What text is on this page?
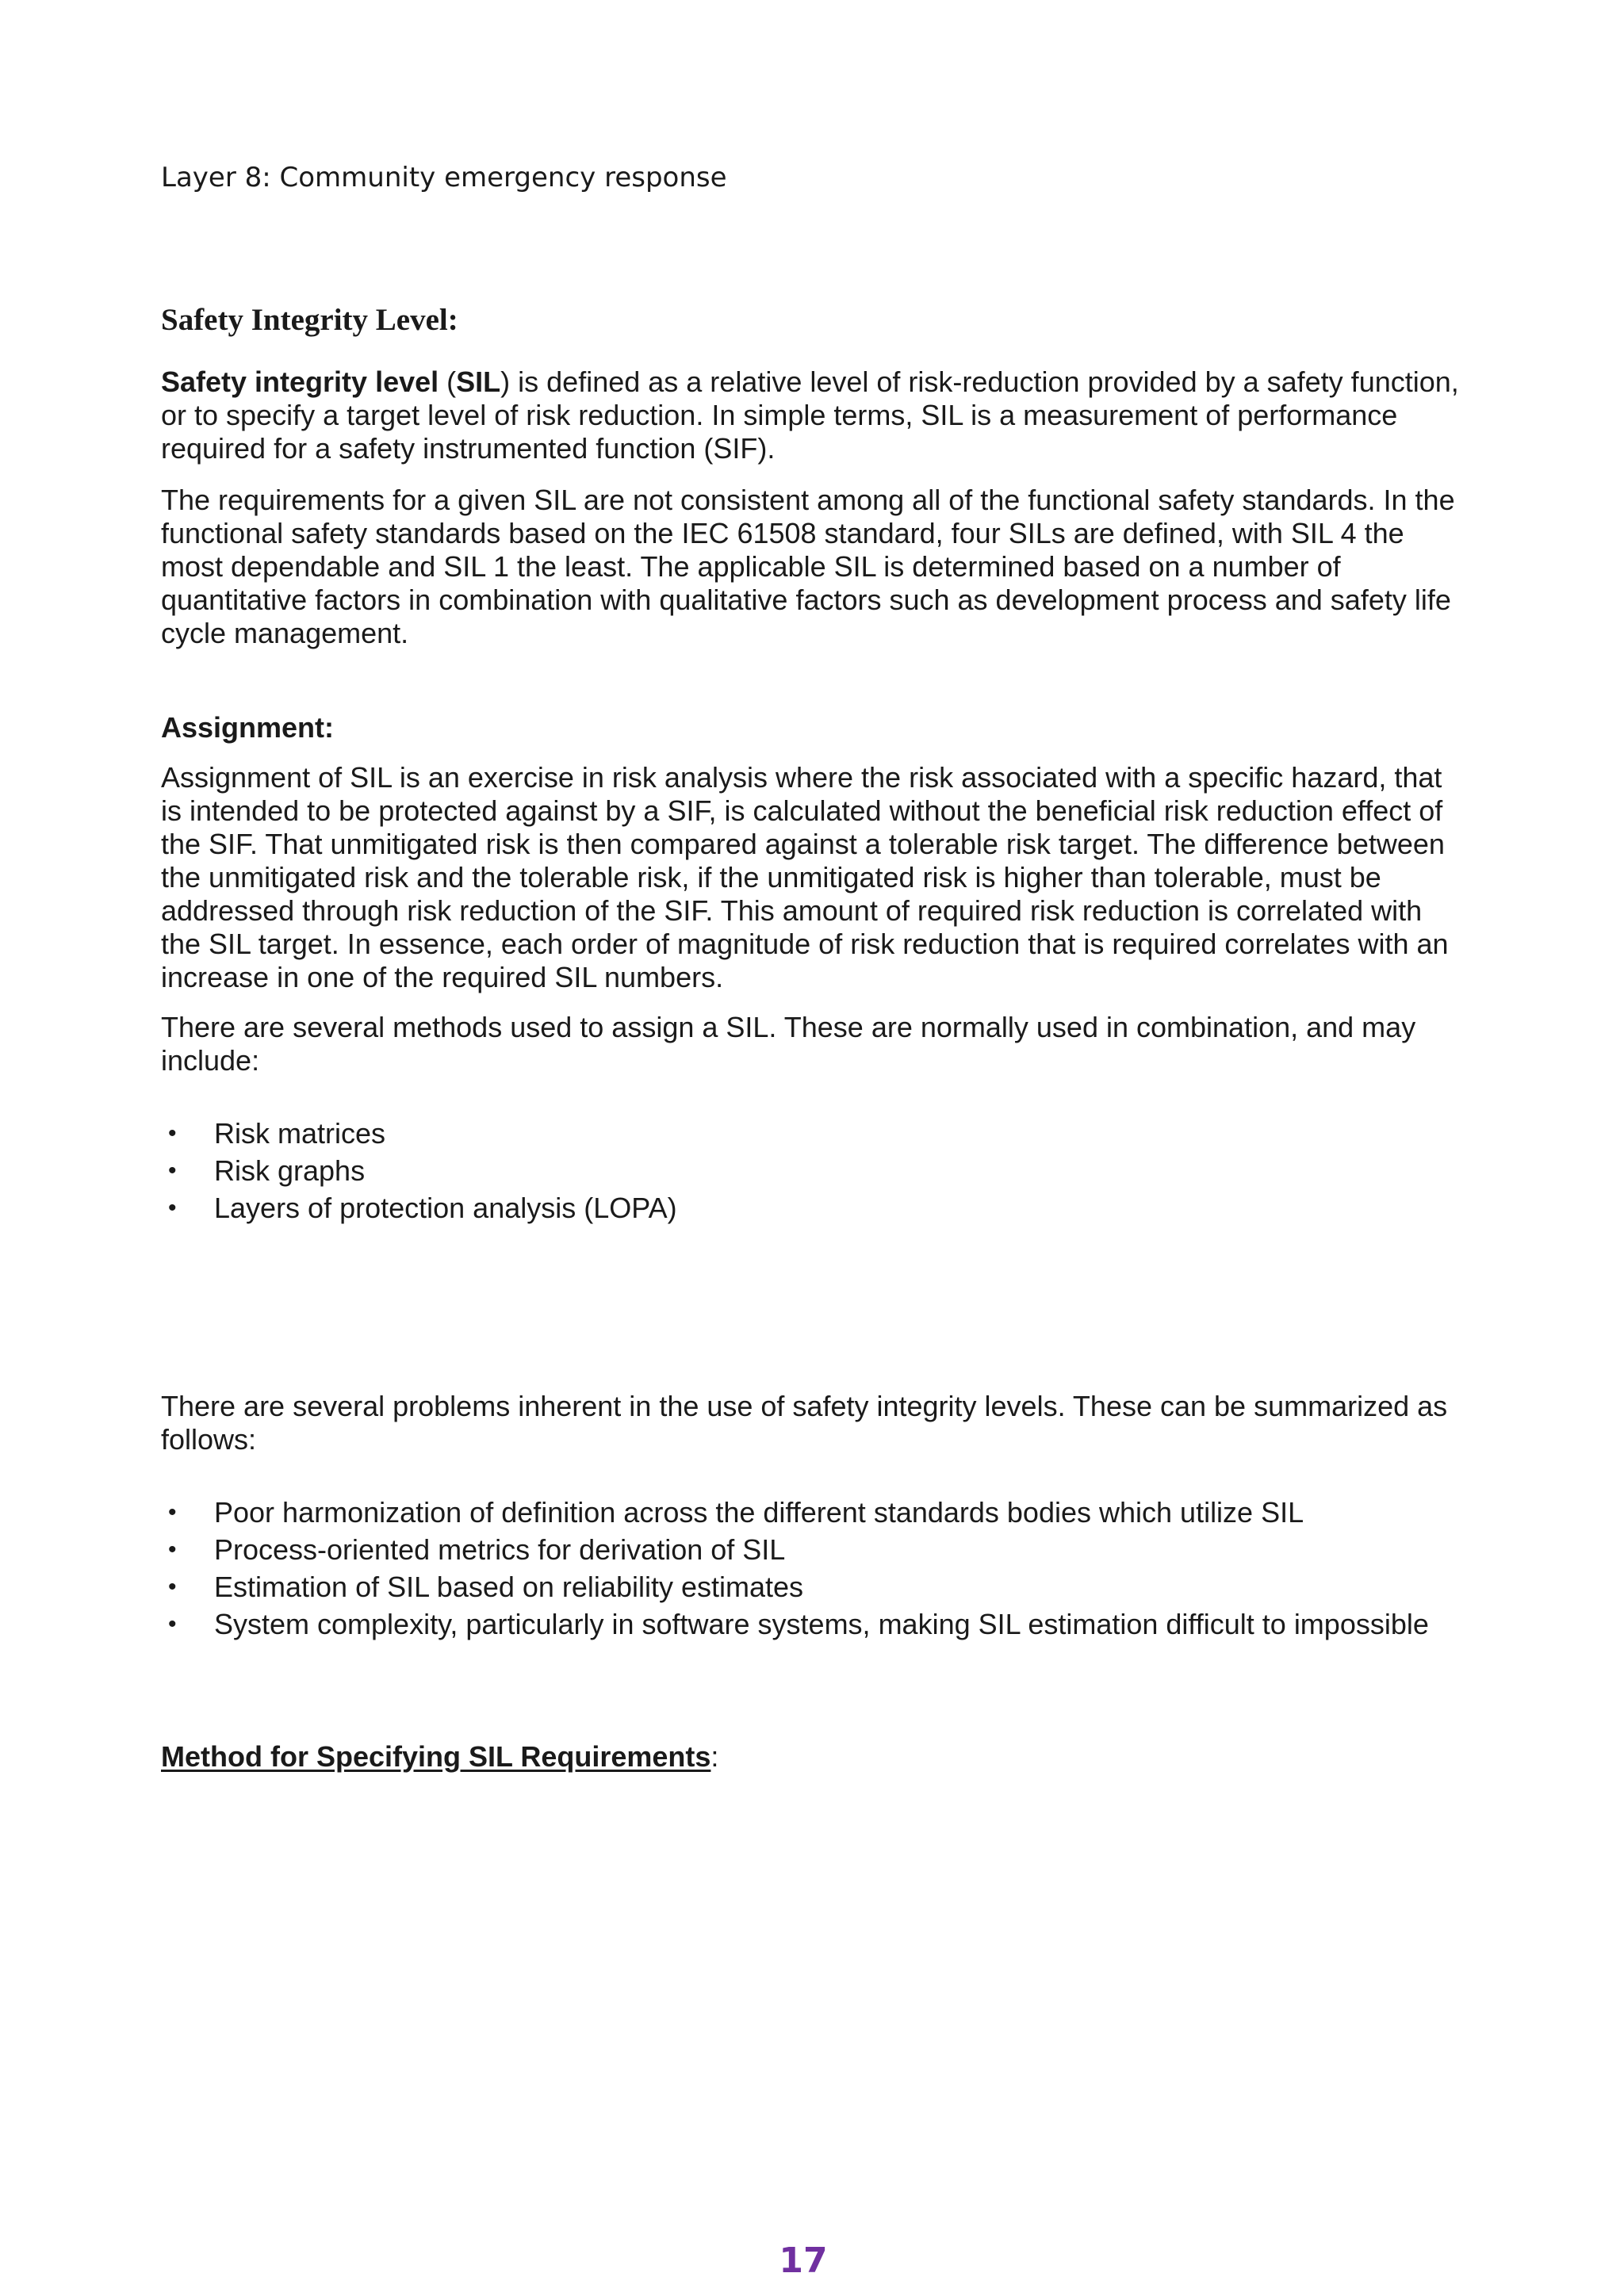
Layer 8: Community emergency response
Safety Integrity Level:

Safety integrity level (SIL) is defined as a relative level of risk-reduction provided by a safety function, or to specify a target level of risk reduction. In simple terms, SIL is a measurement of performance required for a safety instrumented function (SIF).

The requirements for a given SIL are not consistent among all of the functional safety standards. In the functional safety standards based on the IEC 61508 standard, four SILs are defined, with SIL 4 the most dependable and SIL 1 the least. The applicable SIL is determined based on a number of quantitative factors in combination with qualitative factors such as development process and safety life cycle management.

Assignment:

Assignment of SIL is an exercise in risk analysis where the risk associated with a specific hazard, that is intended to be protected against by a SIF, is calculated without the beneficial risk reduction effect of the SIF. That unmitigated risk is then compared against a tolerable risk target. The difference between the unmitigated risk and the tolerable risk, if the unmitigated risk is higher than tolerable, must be addressed through risk reduction of the SIF. This amount of required risk reduction is correlated with the SIL target. In essence, each order of magnitude of risk reduction that is required correlates with an increase in one of the required SIL numbers.

There are several methods used to assign a SIL. These are normally used in combination, and may include:

• Risk matrices
• Risk graphs
• Layers of protection analysis (LOPA)

There are several problems inherent in the use of safety integrity levels. These can be summarized as follows:

• Poor harmonization of definition across the different standards bodies which utilize SIL
• Process-oriented metrics for derivation of SIL
• Estimation of SIL based on reliability estimates
• System complexity, particularly in software systems, making SIL estimation difficult to impossible
Method for Specifying SIL Requirements:
17
